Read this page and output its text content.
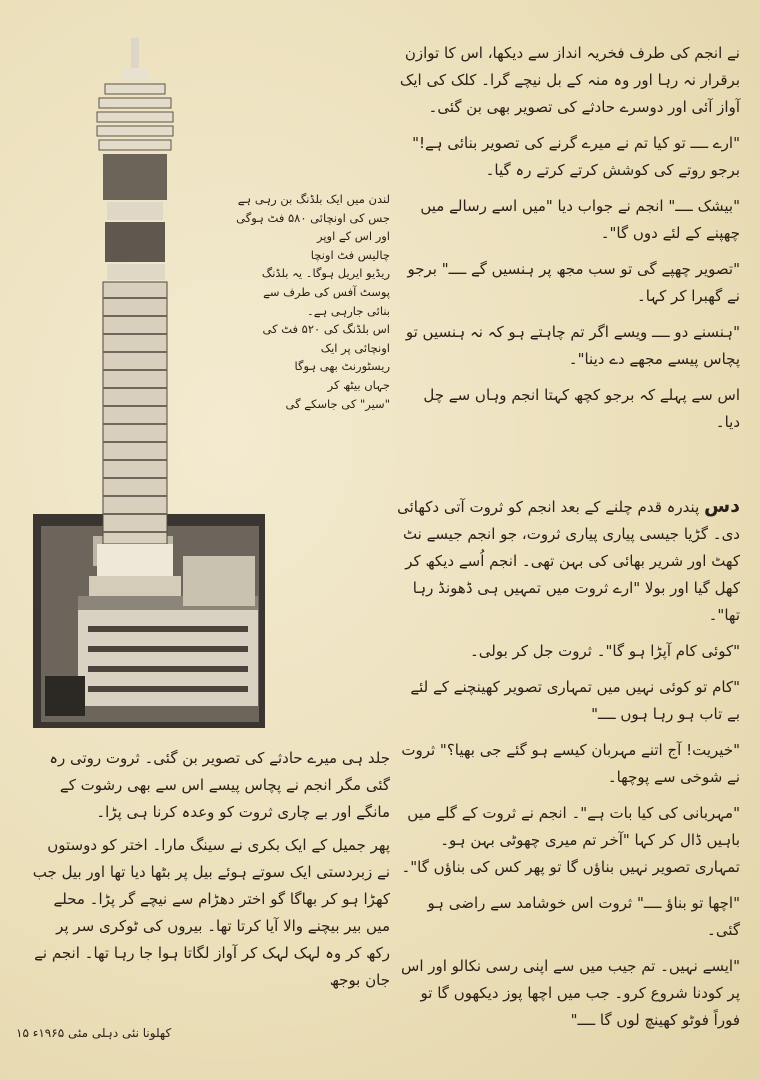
لندن میں ایک بلڈنگ بن رہی ہے
جس کی اونچائی ۵۸۰ فٹ ہوگی
اور اس کے اوپر
چالیس فٹ اونچا
ریڈیو ایریل ہوگا۔ یہ بلڈنگ
پوسٹ آفس کی طرف سے
بنائی جارہی ہے۔
اس بلڈنگ کی ۵۲۰ فٹ کی
اونچائی پر ایک
ریسٹورنٹ بھی ہوگا
جہاں بیٹھ کر
"سیر" کی جاسکے گی

نے انجم کی طرف فخریہ انداز سے دیکھا، اس کا توازن برقرار نہ رہا اور وہ منہ کے بل نیچے گرا۔ کلک کی ایک آواز آئی اور دوسرے حادثے کی تصویر بھی بن گئی۔

"ارے ــــ تو کیا تم نے میرے گرنے کی تصویر بنائی ہے!" برجو روتے کی کوشش کرتے کرتے رہ گیا۔

"بیشک ــــ" انجم نے جواب دیا "میں اسے رسالے میں چھپنے کے لئے دوں گا"۔

"تصویر چھپے گی تو سب مجھ پر ہنسیں گے ــــ" برجو نے گھبرا کر کہا۔

"ہنسنے دو ــــ ویسے اگر تم چاہتے ہو کہ نہ ہنسیں تو پچاس پیسے مجھے دے دینا"۔

اس سے پہلے کہ برجو کچھ کہتا انجم وہاں سے چل دیا۔

دس پندرہ قدم چلنے کے بعد انجم کو ثروت آتی دکھائی دی۔ گڑیا جیسی پیاری پیاری ثروت، جو انجم جیسے نٹ کھٹ اور شریر بھائی کی بہن تھی۔ انجم اُسے دیکھ کر کھل گیا اور بولا "ارے ثروت میں تمہیں ہی ڈھونڈ رہا تھا"۔

"کوئی کام آپڑا ہو گا"۔ ثروت جل کر بولی۔

"کام تو کوئی نہیں میں تمہاری تصویر کھینچنے کے لئے بے تاب ہو رہا ہوں ــــ"

"خیریت! آج اتنے مہربان کیسے ہو گئے جی بھیا؟" ثروت نے شوخی سے پوچھا۔

"مہربانی کی کیا بات ہے"۔ انجم نے ثروت کے گلے میں باہیں ڈال کر کہا "آخر تم میری چھوٹی بہن ہو۔ تمہاری تصویر نہیں بناؤں گا تو پھر کس کی بناؤں گا"۔

"اچھا تو بناؤ ــــ" ثروت اس خوشامد سے راضی ہو گئی۔

"ایسے نہیں۔ تم جیب میں سے اپنی رسی نکالو اور اس پر کودنا شروع کرو۔ جب میں اچھا پوز دیکھوں گا تو فوراً فوٹو کھینچ لوں گا ــــ"

جلد ہی میرے حادثے کی تصویر بن گئی۔ ثروت روتی رہ گئی مگر انجم نے پچاس پیسے اس سے بھی رشوت کے مانگے اور بے چاری ثروت کو وعدہ کرنا ہی پڑا۔

پھر جمیل کے ایک بکری نے سینگ مارا۔ اختر کو دوستوں نے زبردستی ایک سوتے ہوئے بیل پر بٹھا دیا تھا اور بیل جب کھڑا ہو کر بھاگا گو اختر دھڑام سے نیچے گر پڑا۔ محلے میں بیر بیچنے والا آیا کرتا تھا۔ بیروں کی ٹوکری سر پر رکھ کر وہ لہک لہک کر آواز لگاتا ہوا جا رہا تھا۔ انجم نے جان بوجھ

کھلونا نئی دہلی مئی ۱۹۶۵ء ۱۵
